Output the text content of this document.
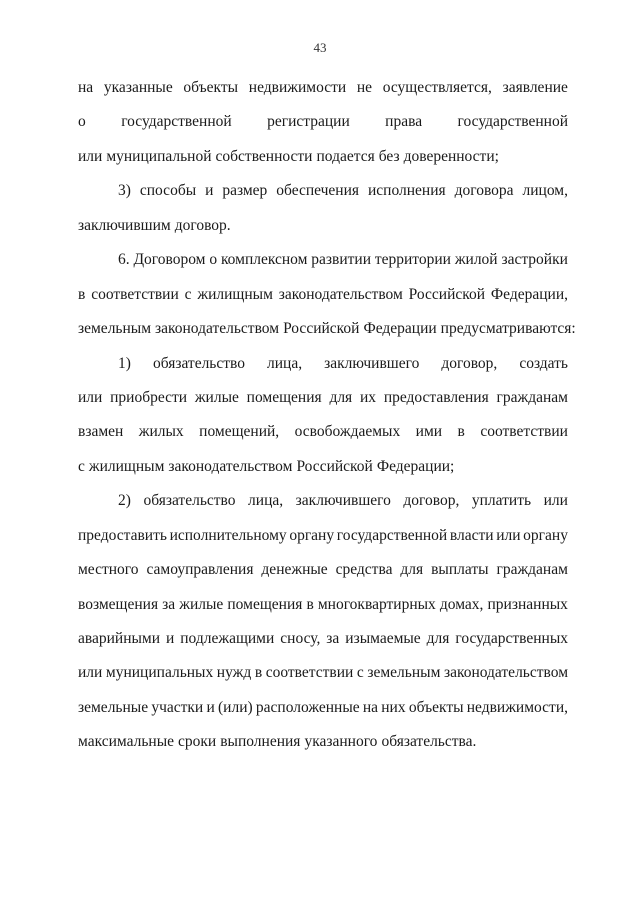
43
на указанные объекты недвижимости не осуществляется, заявление
о государственной регистрации права государственной
или муниципальной собственности подается без доверенности;
3) способы и размер обеспечения исполнения договора лицом,
заключившим договор.
6. Договором о комплексном развитии территории жилой застройки
в соответствии с жилищным законодательством Российской Федерации,
земельным законодательством Российской Федерации предусматриваются:
1) обязательство лица, заключившего договор, создать
или приобрести жилые помещения для их предоставления гражданам
взамен жилых помещений, освобождаемых ими в соответствии
с жилищным законодательством Российской Федерации;
2) обязательство лица, заключившего договор, уплатить или
предоставить исполнительному органу государственной власти или органу
местного самоуправления денежные средства для выплаты гражданам
возмещения за жилые помещения в многоквартирных домах, признанных
аварийными и подлежащими сносу, за изымаемые для государственных
или муниципальных нужд в соответствии с земельным законодательством
земельные участки и (или) расположенные на них объекты недвижимости,
максимальные сроки выполнения указанного обязательства.
